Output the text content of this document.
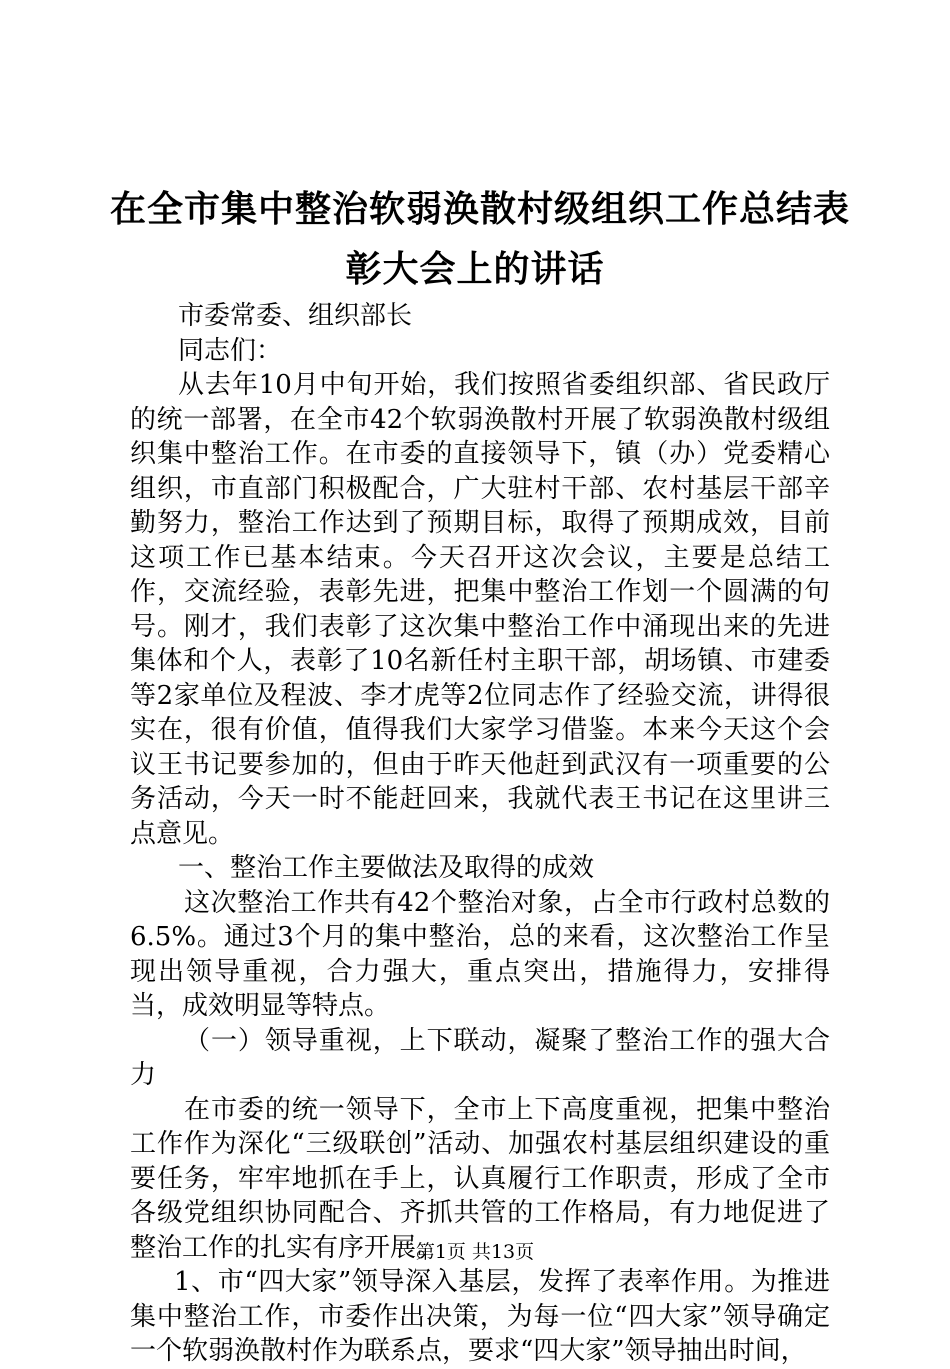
在全市集中整治软弱涣散村级组织工作总结表
彰大会上的讲话

市委常委、组织部长

同志们：

从去年10月中旬开始，我们按照省委组织部、省民政厅的统一部署，在全市42个软弱涣散村开展了软弱涣散村级组织集中整治工作。在市委的直接领导下，镇（办）党委精心组织，市直部门积极配合，广大驻村干部、农村基层干部辛勤努力，整治工作达到了预期目标，取得了预期成效，目前这项工作已基本结束。今天召开这次会议，主要是总结工作，交流经验，表彰先进，把集中整治工作划一个圆满的句号。刚才，我们表彰了这次集中整治工作中涌现出来的先进集体和个人，表彰了10名新任村主职干部，胡场镇、市建委等2家单位及程波、李才虎等2位同志作了经验交流，讲得很实在，很有价值，值得我们大家学习借鉴。本来今天这个会议王书记要参加的，但由于昨天他赶到武汉有一项重要的公务活动，今天一时不能赶回来，我就代表王书记在这里讲三点意见。

一、整治工作主要做法及取得的成效

这次整治工作共有42个整治对象，占全市行政村总数的6.5%。通过3个月的集中整治，总的来看，这次整治工作呈现出领导重视，合力强大，重点突出，措施得力，安排得当，成效明显等特点。

（一）领导重视，上下联动，凝聚了整治工作的强大合力

在市委的统一领导下，全市上下高度重视，把集中整治工作作为深化“三级联创”活动、加强农村基层组织建设的重要任务，牢牢地抓在手上，认真履行工作职责，形成了全市各级党组织协同配合、齐抓共管的工作格局，有力地促进了整治工作的扎实有序开展。

1、市“四大家”领导深入基层，发挥了表率作用。为推进集中整治工作，市委作出决策，为每一位“四大家”领导确定一个软弱涣散村作为联系点，要求“四大家”领导抽出时间，

第1页 共13页
